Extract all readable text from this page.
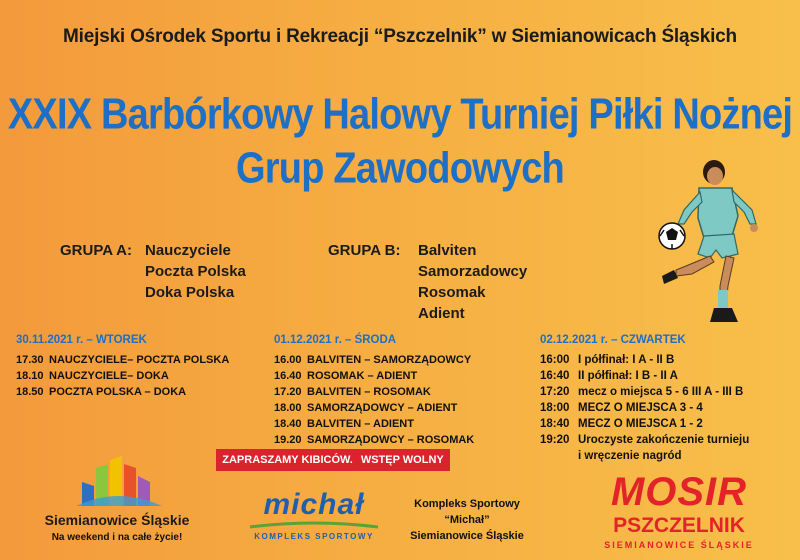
Miejski Ośrodek Sportu i Rekreacji “Pszczelnik” w Siemianowicach Śląskich
XXIX Barbórkowy Halowy Turniej Piłki Nożnej
Grup Zawodowych
GRUPA A: Nauczyciele
Poczta Polska
Doka Polska
GRUPA B: Balviten
Samorzadowcy
Rosomak
Adient
30.11.2021 r. – WTOREK
17.30 NAUCZYCIELE– POCZTA POLSKA
18.10 NAUCZYCIELE– DOKA
18.50 POCZTA POLSKA – DOKA
01.12.2021 r. – ŚRODA
16.00 BALVITEN – SAMORZĄDOWCY
16.40 ROSOMAK – ADIENT
17.20 BALVITEN – ROSOMAK
18.00 SAMORZĄDOWCY – ADIENT
18.40 BALVITEN – ADIENT
19.20 SAMORZĄDOWCY – ROSOMAK
02.12.2021 r. – CZWARTEK
16:00 I półfinał: I A - II B
16:40 II półfinał: I B - II A
17:20 mecz o miejsca 5 - 6 III A - III B
18:00 MECZ O MIEJSCA 3 - 4
18:40 MECZ O MIEJSCA 1 - 2
19:20 Uroczyste zakończenie turnieju
i wręczenie nagród
ZAPRASZAMY KIBICÓW. WSTĘP WOLNY
Siemianowice Śląskie
Na weekend i na całe życie!
michał
KOMPLEKS SPORTOWY
Kompleks Sportowy
“Michał”
Siemianowice Śląskie
MOSIR
PSZCZELNIK
SIEMIANOWICE ŚLĄSKIE
